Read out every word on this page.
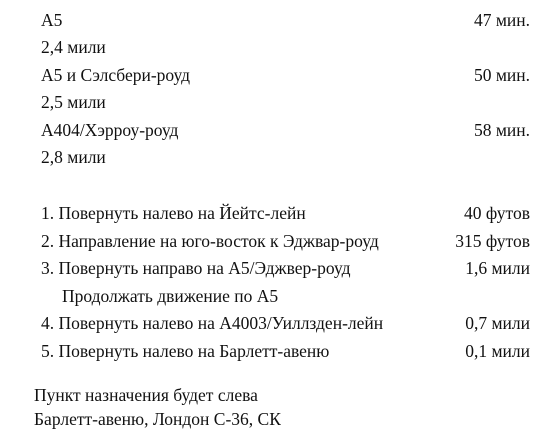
A5	47 мин.
2,4 мили
A5 и Сэлсбери-роуд	50 мин.
2,5 мили
A404/Хэрроу-роуд	58 мин.
2,8 мили
1. Повернуть налево на Йейтс-лейн	40 футов
2. Направление на юго-восток к Эджвар-роуд	315 футов
3. Повернуть направо на A5/Эджвер-роуд	1,6 мили
Продолжать движение по A5
4. Повернуть налево на A4003/Уиллзден-лейн	0,7 мили
5. Повернуть налево на Барлетт-авеню	0,1 мили
Пункт назначения будет слева
Барлетт-авеню, Лондон С-36, СК
